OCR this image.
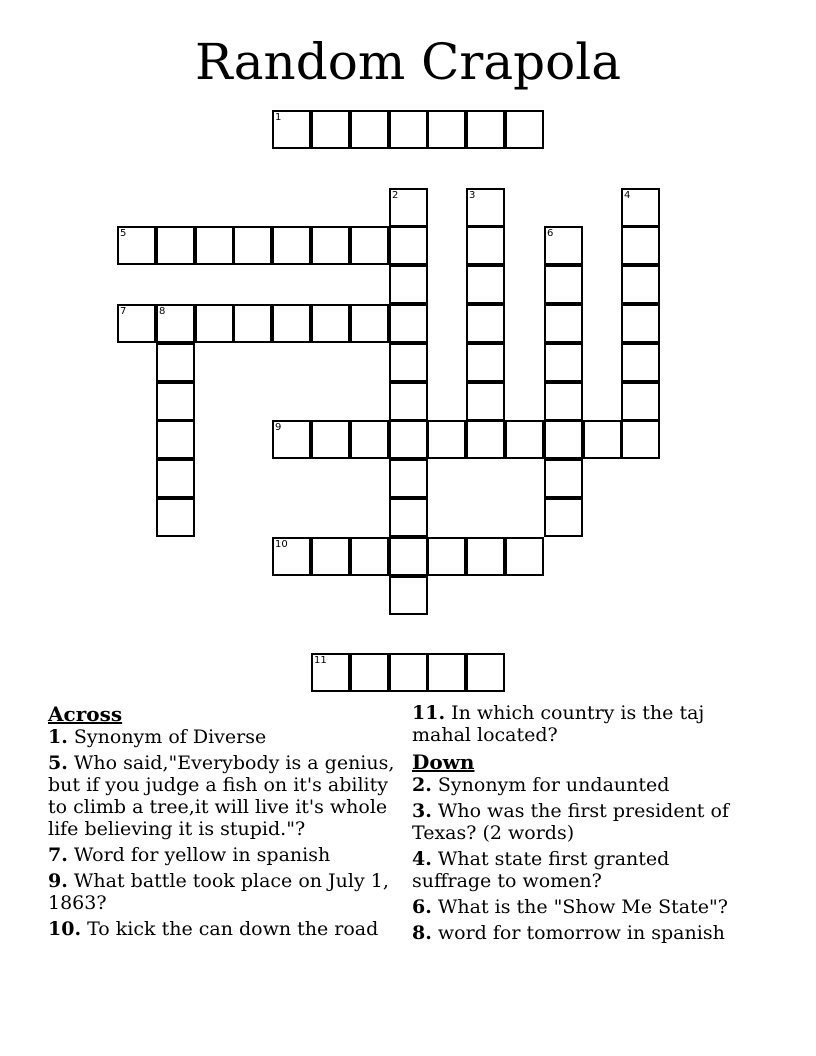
Random Crapola
1
2	3	4
5	6
7	8
9
10
11
Across
1. Synonym of Diverse
5. Who said,"Everybody is a genius, but if you judge a fish on it's ability to climb a tree,it will live it's whole life believing it is stupid."?
7. Word for yellow in spanish
9. What battle took place on July 1, 1863?
10. To kick the can down the road
11. In which country is the taj mahal located?
Down
2. Synonym for undaunted
3. Who was the first president of Texas? (2 words)
4. What state first granted suffrage to women?
6. What is the "Show Me State"?
8. word for tomorrow in spanish
